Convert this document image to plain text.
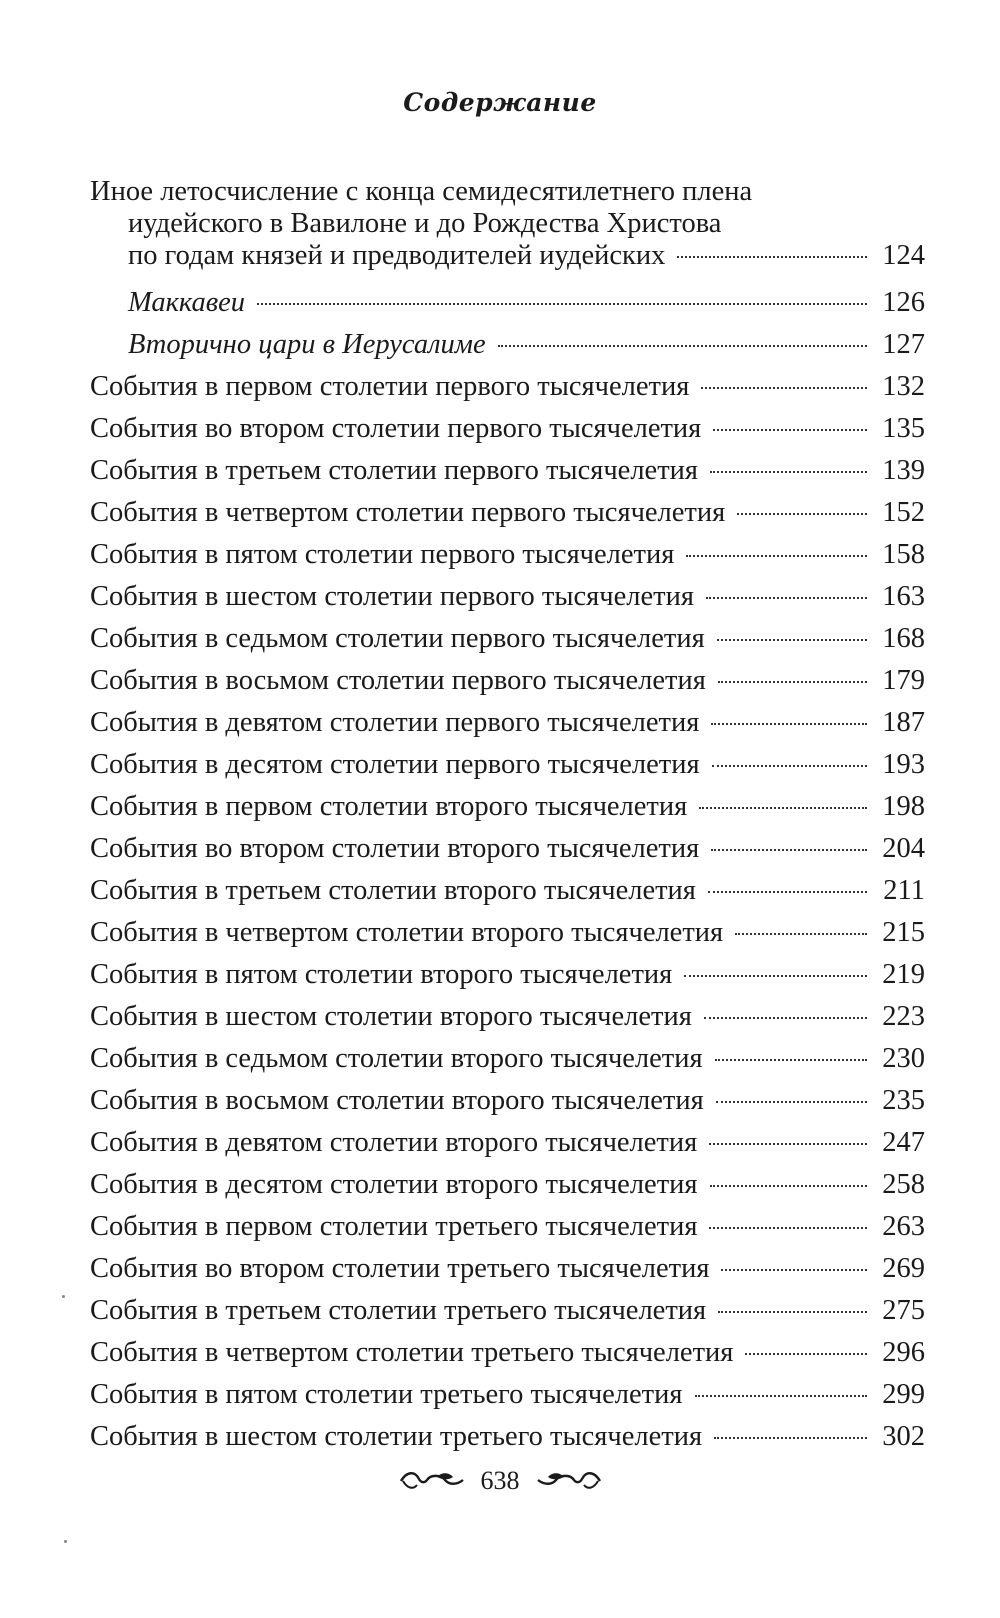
Содержание
Иное летосчисление с конца семидесятилетнего плена
иудейского в Вавилоне и до Рождества Христова
по годам князей и предводителей иудейских	124
Маккавеи	126
Вторично цари в Иерусалиме	127
События в первом столетии первого тысячелетия	132
События во втором столетии первого тысячелетия	135
События в третьем столетии первого тысячелетия	139
События в четвертом столетии первого тысячелетия	152
События в пятом столетии первого тысячелетия	158
События в шестом столетии первого тысячелетия	163
События в седьмом столетии первого тысячелетия	168
События в восьмом столетии первого тысячелетия	179
События в девятом столетии первого тысячелетия	187
События в десятом столетии первого тысячелетия	193
События в первом столетии второго тысячелетия	198
События во втором столетии второго тысячелетия	204
События в третьем столетии второго тысячелетия	211
События в четвертом столетии второго тысячелетия	215
События в пятом столетии второго тысячелетия	219
События в шестом столетии второго тысячелетия	223
События в седьмом столетии второго тысячелетия	230
События в восьмом столетии второго тысячелетия	235
События в девятом столетии второго тысячелетия	247
События в десятом столетии второго тысячелетия	258
События в первом столетии третьего тысячелетия	263
События во втором столетии третьего тысячелетия	269
События в третьем столетии третьего тысячелетия	275
События в четвертом столетии третьего тысячелетия	296
События в пятом столетии третьего тысячелетия	299
События в шестом столетии третьего тысячелетия	302
638
